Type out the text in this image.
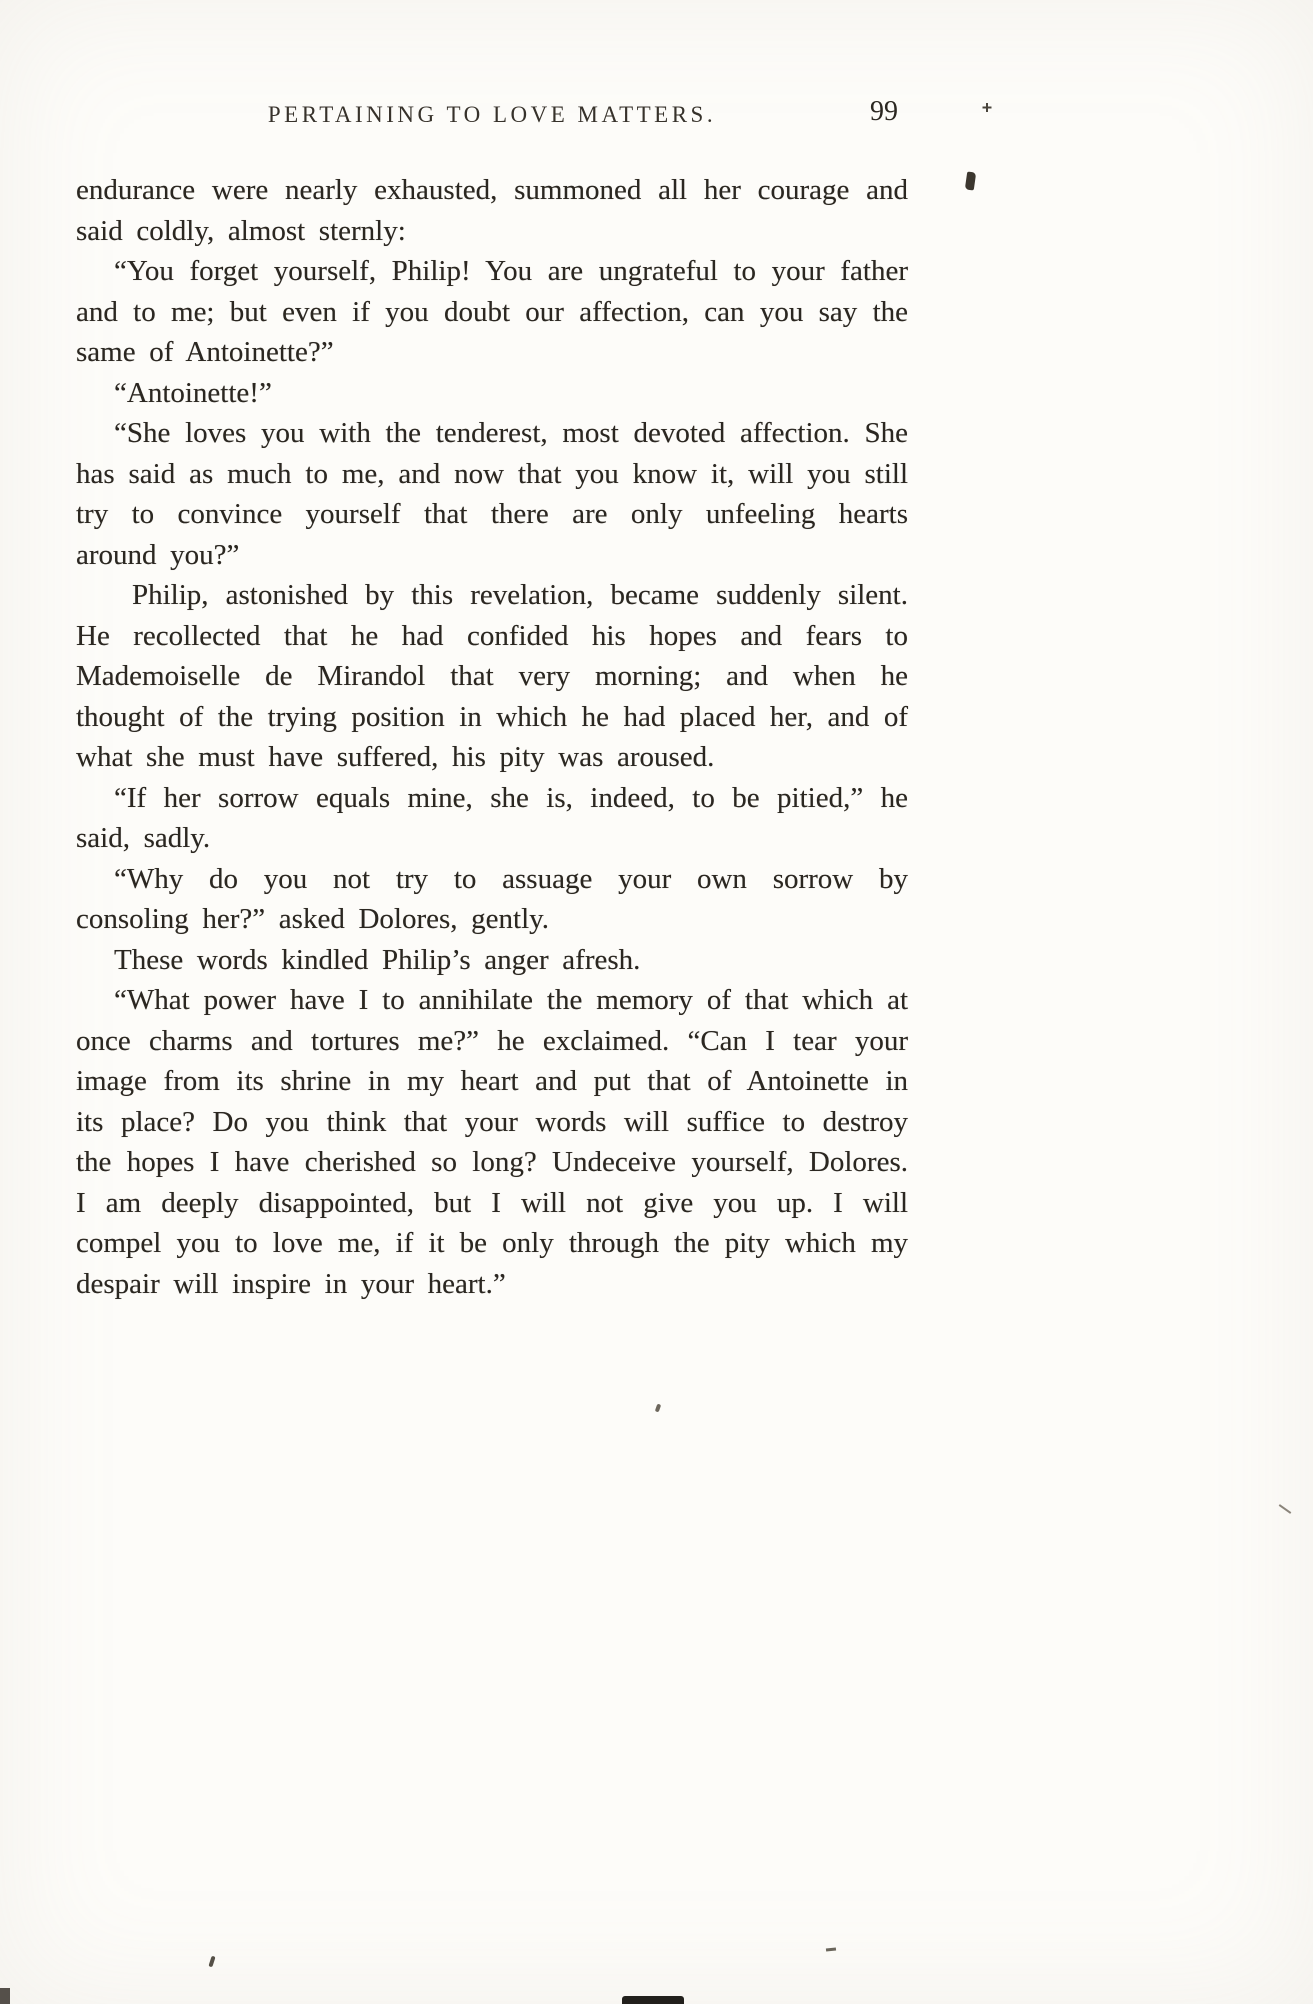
99
PERTAINING TO LOVE MATTERS.

endurance were nearly exhausted, summoned all her courage and said coldly, almost sternly:

“You forget yourself, Philip! You are ungrateful to your father and to me; but even if you doubt our affection, can you say the same of Antoinette?”

“Antoinette!”

“She loves you with the tenderest, most devoted affection. She has said as much to me, and now that you know it, will you still try to convince yourself that there are only unfeeling hearts around you?”

Philip, astonished by this revelation, became suddenly silent. He recollected that he had confided his hopes and fears to Mademoiselle de Mirandol that very morning; and when he thought of the trying position in which he had placed her, and of what she must have suffered, his pity was aroused.

“If her sorrow equals mine, she is, indeed, to be pitied,” he said, sadly.

“Why do you not try to assuage your own sorrow by consoling her?” asked Dolores, gently.

These words kindled Philip’s anger afresh.

“What power have I to annihilate the memory of that which at once charms and tortures me?” he exclaimed. “Can I tear your image from its shrine in my heart and put that of Antoinette in its place? Do you think that your words will suffice to destroy the hopes I have cherished so long? Undeceive yourself, Dolores. I am deeply disappointed, but I will not give you up. I will compel you to love me, if it be only through the pity which my despair will inspire in your heart.”
